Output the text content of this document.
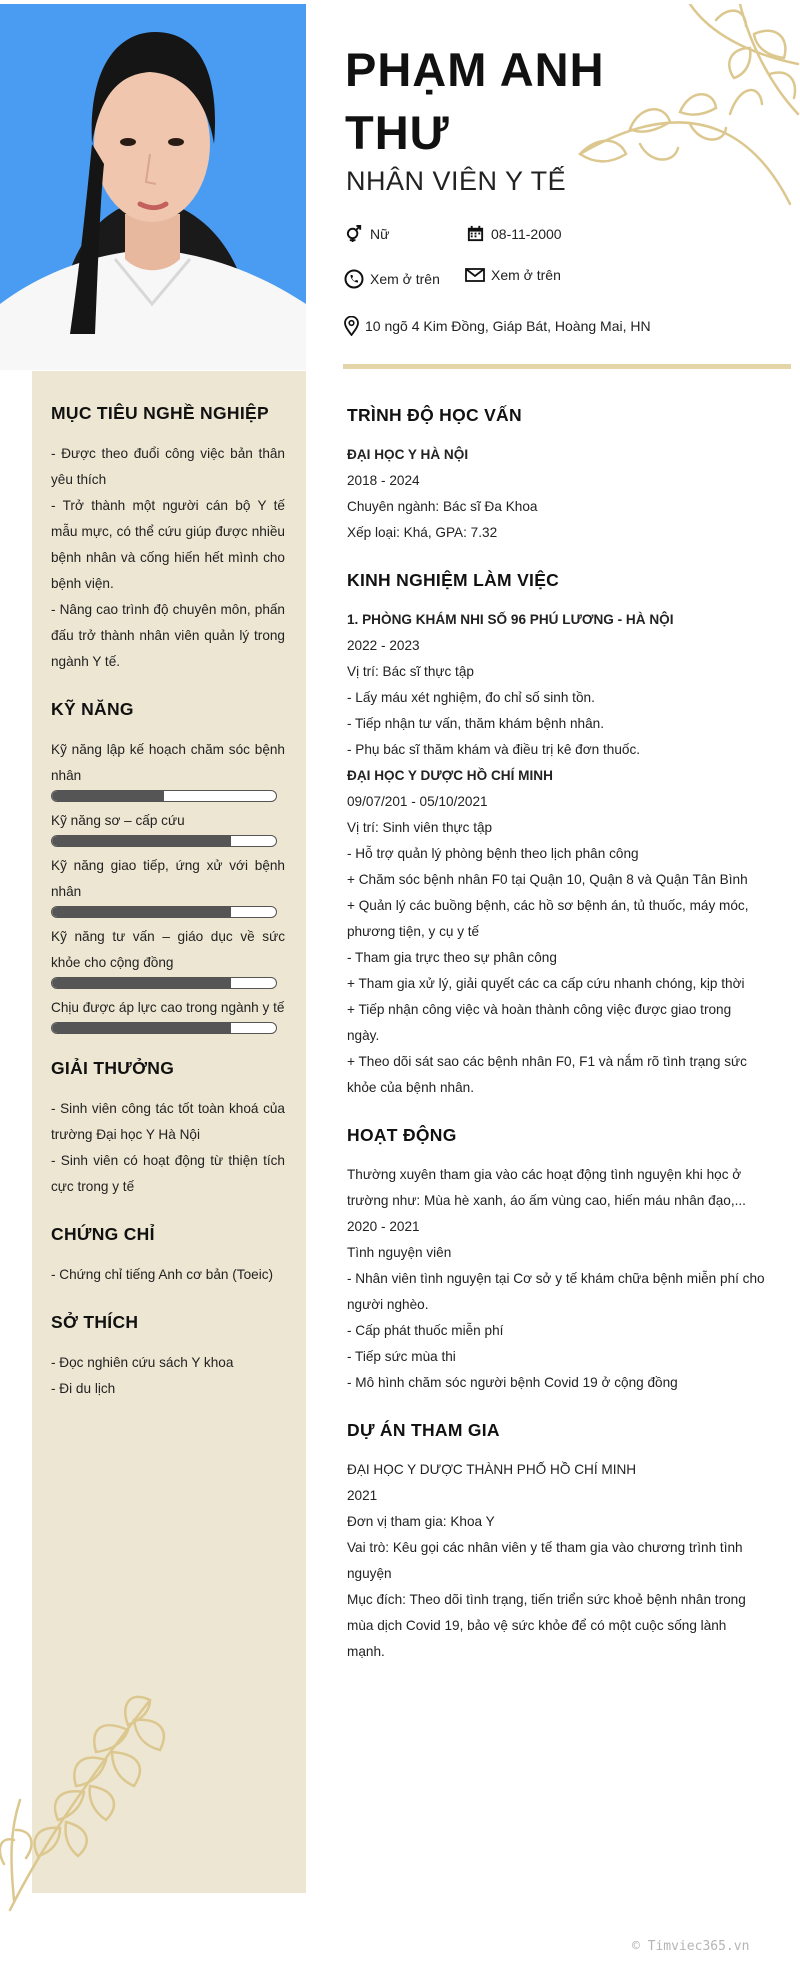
PHẠM ANH THƯ
NHÂN VIÊN Y TẾ
Nữ	08-11-2000
Xem ở trên	Xem ở trên
10 ngõ 4 Kim Đồng, Giáp Bát, Hoàng Mai, HN
MỤC TIÊU NGHỀ NGHIỆP

- Được theo đuổi công việc bản thân yêu thích

- Trở thành một người cán bộ Y tế mẫu mực, có thể cứu giúp được nhiều bệnh nhân và cống hiến hết mình cho bệnh viện.

- Nâng cao trình độ chuyên môn, phấn đấu trở thành nhân viên quản lý trong ngành Y tế.

KỸ NĂNG

Kỹ năng lập kế hoạch chăm sóc bệnh nhân

Kỹ năng sơ – cấp cứu

Kỹ năng giao tiếp, ứng xử với bệnh nhân

Kỹ năng tư vấn – giáo dục về sức khỏe cho cộng đồng

Chịu được áp lực cao trong ngành y tế

GIẢI THƯỞNG

- Sinh viên công tác tốt toàn khoá của trường Đại học Y Hà Nội

- Sinh viên có hoạt động từ thiện tích cực trong y tế

CHỨNG CHỈ

- Chứng chỉ tiếng Anh cơ bản (Toeic)

SỞ THÍCH

- Đọc nghiên cứu sách Y khoa

- Đi du lịch

TRÌNH ĐỘ HỌC VẤN

ĐẠI HỌC Y HÀ NỘI

2018 - 2024

Chuyên ngành: Bác sĩ Đa Khoa

Xếp loại: Khá, GPA: 7.32

KINH NGHIỆM LÀM VIỆC

1. PHÒNG KHÁM NHI SỐ 96 PHÚ LƯƠNG - HÀ NỘI

2022 - 2023

Vị trí: Bác sĩ thực tập

- Lấy máu xét nghiệm, đo chỉ số sinh tồn.

- Tiếp nhận tư vấn, thăm khám bệnh nhân.

- Phụ bác sĩ thăm khám và điều trị kê đơn thuốc.

ĐẠI HỌC Y DƯỢC HỒ CHÍ MINH

09/07/201 - 05/10/2021

Vị trí: Sinh viên thực tập

- Hỗ trợ quản lý phòng bệnh theo lịch phân công

+ Chăm sóc bệnh nhân F0 tại Quận 10, Quận 8 và Quận Tân Bình

+ Quản lý các buồng bệnh, các hồ sơ bệnh án, tủ thuốc, máy móc, phương tiện, y cụ y tế

- Tham gia trực theo sự phân công

+ Tham gia xử lý, giải quyết các ca cấp cứu nhanh chóng, kịp thời

+ Tiếp nhận công việc và hoàn thành công việc được giao trong ngày.

+ Theo dõi sát sao các bệnh nhân F0, F1 và nắm rõ tình trạng sức khỏe của bệnh nhân.

HOẠT ĐỘNG

Thường xuyên tham gia vào các hoạt động tình nguyện khi học ở trường như: Mùa hè xanh, áo ấm vùng cao, hiến máu nhân đạo,...

2020 - 2021

Tình nguyện viên

- Nhân viên tình nguyện tại Cơ sở y tế khám chữa bệnh miễn phí cho người nghèo.

- Cấp phát thuốc miễn phí

- Tiếp sức mùa thi

- Mô hình chăm sóc người bệnh Covid 19 ở cộng đồng

DỰ ÁN THAM GIA

ĐẠI HỌC Y DƯỢC THÀNH PHỐ HỒ CHÍ MINH

2021

Đơn vị tham gia: Khoa Y

Vai trò: Kêu gọi các nhân viên y tế tham gia vào chương trình tình nguyện

Mục đích: Theo dõi tình trạng, tiến triển sức khoẻ bệnh nhân trong mùa dịch Covid 19, bảo vệ sức khỏe để có một cuộc sống lành mạnh.

© Timviec365.vn
